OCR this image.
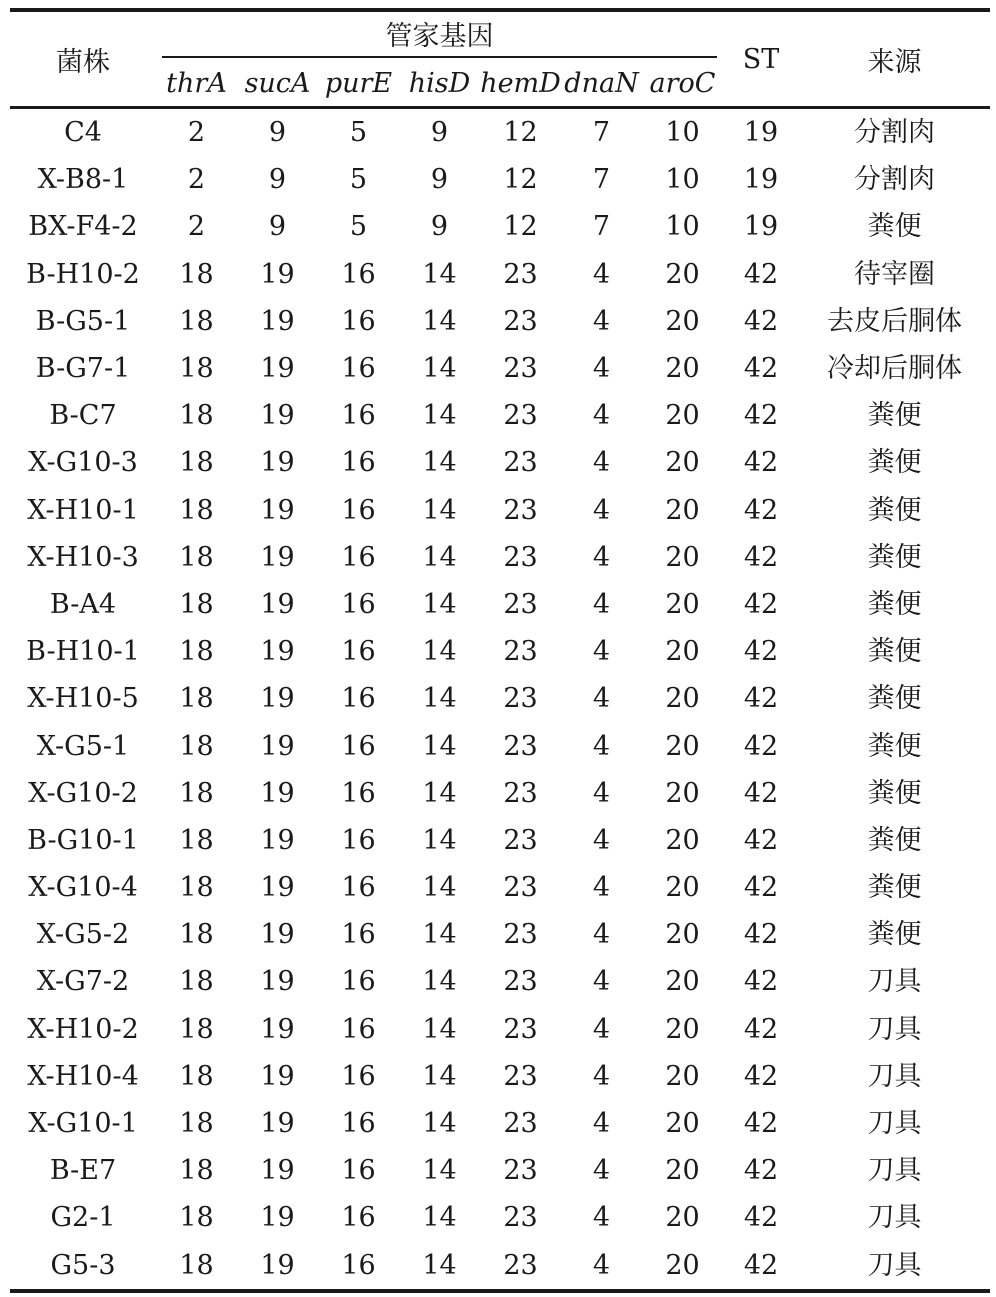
菌株	管家基因							ST	来源
	thrA	sucA	purE	hisD	hemD	dnaN	aroC		
C4	2	9	5	9	12	7	10	19	分割肉
X-B8-1	2	9	5	9	12	7	10	19	分割肉
BX-F4-2	2	9	5	9	12	7	10	19	粪便
B-H10-2	18	19	16	14	23	4	20	42	待宰圈
B-G5-1	18	19	16	14	23	4	20	42	去皮后胴体
B-G7-1	18	19	16	14	23	4	20	42	冷却后胴体
B-C7	18	19	16	14	23	4	20	42	粪便
X-G10-3	18	19	16	14	23	4	20	42	粪便
X-H10-1	18	19	16	14	23	4	20	42	粪便
X-H10-3	18	19	16	14	23	4	20	42	粪便
B-A4	18	19	16	14	23	4	20	42	粪便
B-H10-1	18	19	16	14	23	4	20	42	粪便
X-H10-5	18	19	16	14	23	4	20	42	粪便
X-G5-1	18	19	16	14	23	4	20	42	粪便
X-G10-2	18	19	16	14	23	4	20	42	粪便
B-G10-1	18	19	16	14	23	4	20	42	粪便
X-G10-4	18	19	16	14	23	4	20	42	粪便
X-G5-2	18	19	16	14	23	4	20	42	粪便
X-G7-2	18	19	16	14	23	4	20	42	刀具
X-H10-2	18	19	16	14	23	4	20	42	刀具
X-H10-4	18	19	16	14	23	4	20	42	刀具
X-G10-1	18	19	16	14	23	4	20	42	刀具
B-E7	18	19	16	14	23	4	20	42	刀具
G2-1	18	19	16	14	23	4	20	42	刀具
G5-3	18	19	16	14	23	4	20	42	刀具
